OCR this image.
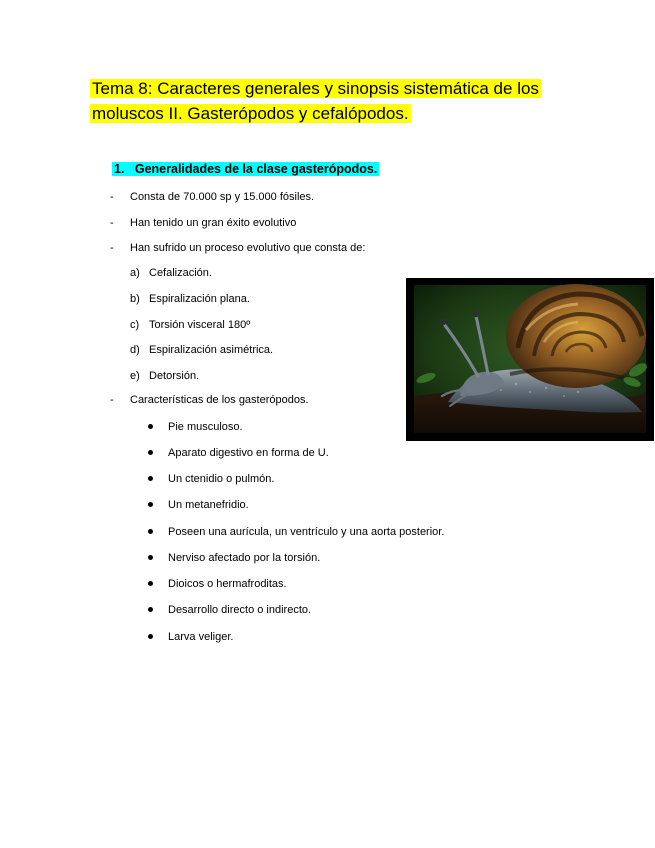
Tema 8: Caracteres generales y sinopsis sistemática de los
moluscos II. Gasterópodos y cefalópodos.
1. Generalidades de la clase gasterópodos.
- Consta de 70.000 sp y 15.000 fósiles.
- Han tenido un gran éxito evolutivo
- Han sufrido un proceso evolutivo que consta de:
a) Cefalización.
b) Espiralización plana.
c) Torsión visceral 180º
d) Espiralización asimétrica.
e) Detorsión.
- Características de los gasterópodos.
Pie musculoso.
Aparato digestivo en forma de U.
Un ctenidio o pulmón.
Un metanefridio.
Poseen una aurícula, un ventrículo y una aorta posterior.
Nerviso afectado por la torsión.
Dioicos o hermafroditas.
Desarrollo directo o indirecto.
Larva veliger.
